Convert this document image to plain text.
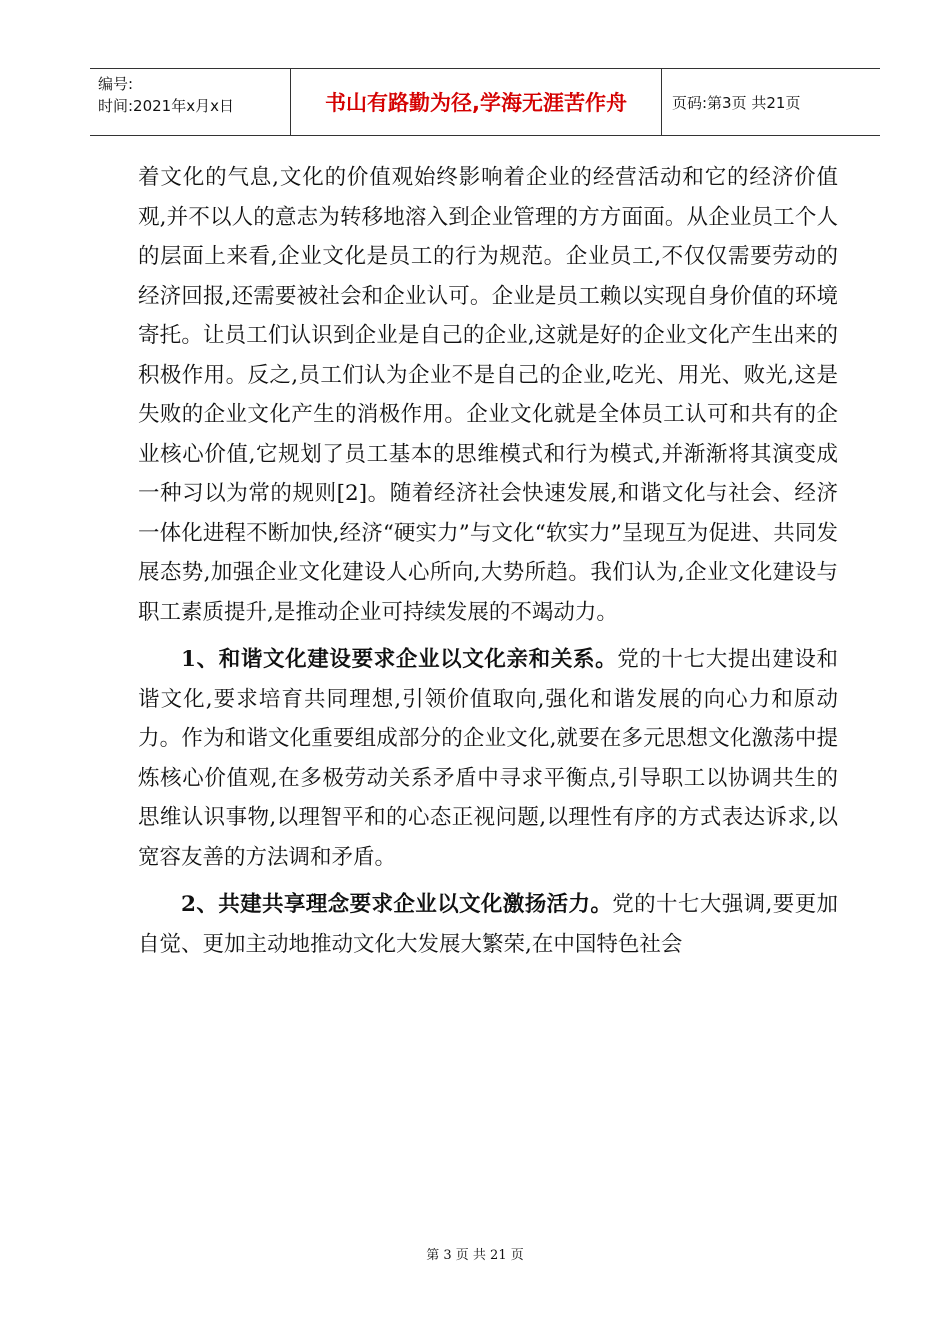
编号:
时间:2021年x月x日	书山有路勤为径,学海无涯苦作舟	页码:第3页 共21页

着文化的气息,文化的价值观始终影响着企业的经营活动和它的经济价值观,并不以人的意志为转移地溶入到企业管理的方方面面。从企业员工个人的层面上来看,企业文化是员工的行为规范。企业员工,不仅仅需要劳动的经济回报,还需要被社会和企业认可。企业是员工赖以实现自身价值的环境寄托。让员工们认识到企业是自己的企业,这就是好的企业文化产生出来的积极作用。反之,员工们认为企业不是自己的企业,吃光、用光、败光,这是失败的企业文化产生的消极作用。企业文化就是全体员工认可和共有的企业核心价值,它规划了员工基本的思维模式和行为模式,并渐渐将其演变成一种习以为常的规则[2]。随着经济社会快速发展,和谐文化与社会、经济一体化进程不断加快,经济“硬实力”与文化“软实力”呈现互为促进、共同发展态势,加强企业文化建设人心所向,大势所趋。我们认为,企业文化建设与职工素质提升,是推动企业可持续发展的不竭动力。

1、和谐文化建设要求企业以文化亲和关系。党的十七大提出建设和谐文化,要求培育共同理想,引领价值取向,强化和谐发展的向心力和原动力。作为和谐文化重要组成部分的企业文化,就要在多元思想文化激荡中提炼核心价值观,在多极劳动关系矛盾中寻求平衡点,引导职工以协调共生的思维认识事物,以理智平和的心态正视问题,以理性有序的方式表达诉求,以宽容友善的方法调和矛盾。

2、共建共享理念要求企业以文化激扬活力。党的十七大强调,要更加自觉、更加主动地推动文化大发展大繁荣,在中国特色社会

第 3 页 共 21 页
